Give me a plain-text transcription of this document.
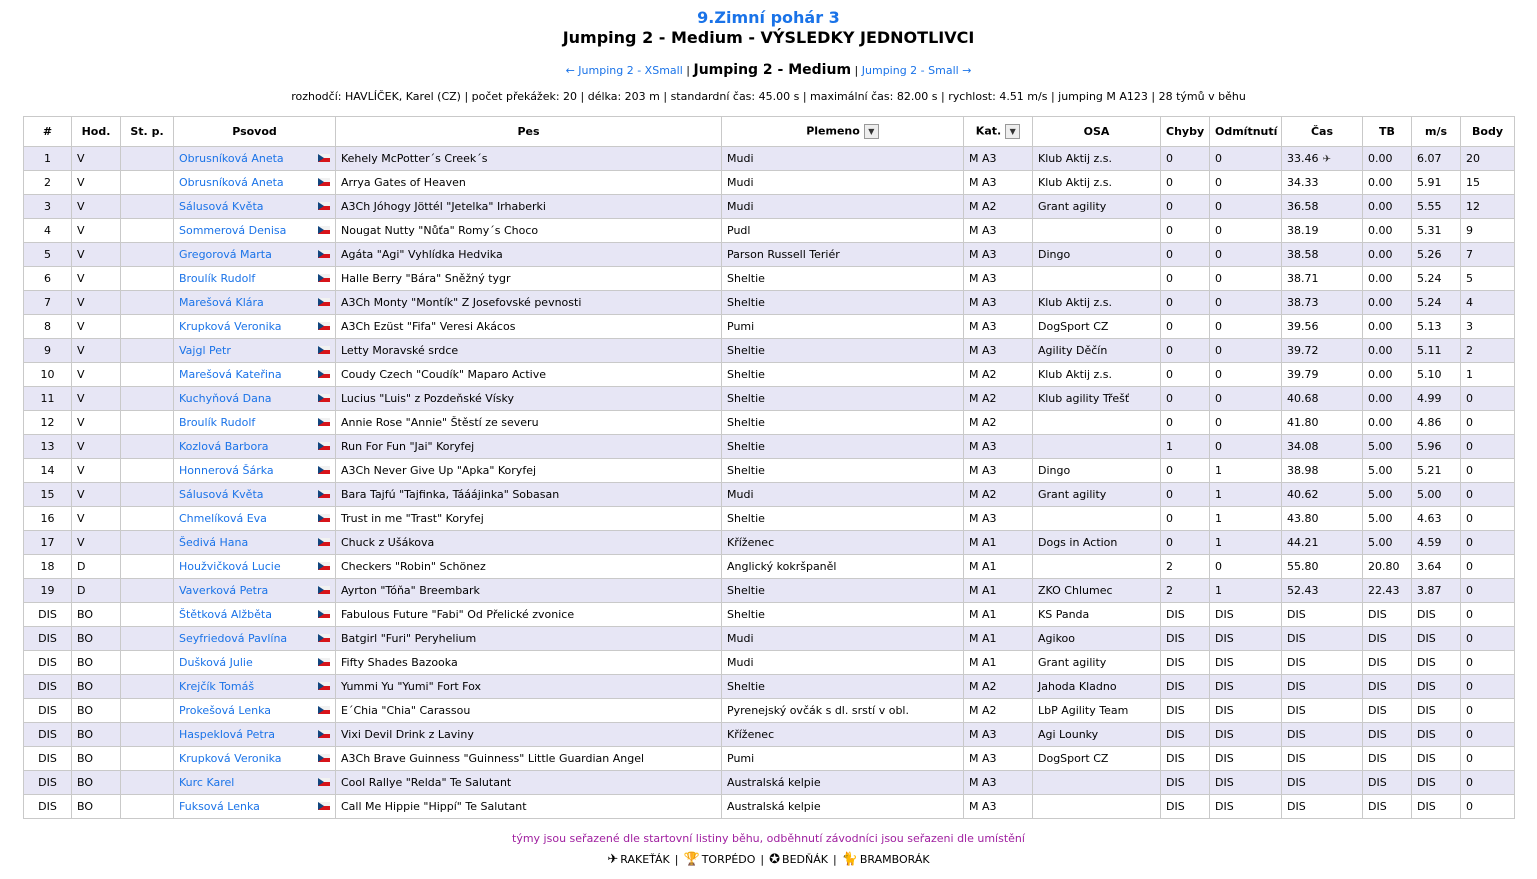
9.Zimní pohár 3
Jumping 2 - Medium - VÝSLEDKY JEDNOTLIVCI
← Jumping 2 - XSmall | Jumping 2 - Medium | Jumping 2 - Small →
rozhodčí: HAVLÍČEK, Karel (CZ) | počet překážek: 20 | délka: 203 m | standardní čas: 45.00 s | maximální čas: 82.00 s | rychlost: 4.51 m/s | jumping M A123 | 28 týmů v běhu
#	Hod.	St. p.	Psovod	Pes	Plemeno ▼	Kat. ▼	OSA	Chyby	Odmítnutí	Čas	TB	m/s	Body
1	V		Obrusníková Aneta	Kehely McPotter´s Creek´s	Mudi	M A3	Klub Aktij z.s.	0	0	33.46 ✈	0.00	6.07	20
2	V		Obrusníková Aneta	Arrya Gates of Heaven	Mudi	M A3	Klub Aktij z.s.	0	0	34.33	0.00	5.91	15
3	V		Sálusová Květa	A3Ch Jóhogy Jöttél "Jetelka" Irhaberki	Mudi	M A2	Grant agility	0	0	36.58	0.00	5.55	12
4	V		Sommerová Denisa	Nougat Nutty "Nůťa" Romy´s Choco	Pudl	M A3		0	0	38.19	0.00	5.31	9
5	V		Gregorová Marta	Agáta "Agi" Vyhlídka Hedvika	Parson Russell Teriér	M A3	Dingo	0	0	38.58	0.00	5.26	7
6	V		Broulík Rudolf	Halle Berry "Bára" Sněžný tygr	Sheltie	M A3		0	0	38.71	0.00	5.24	5
7	V		Marešová Klára	A3Ch Monty "Montík" Z Josefovské pevnosti	Sheltie	M A3	Klub Aktij z.s.	0	0	38.73	0.00	5.24	4
8	V		Krupková Veronika	A3Ch Ezüst "Fifa" Veresi Akácos	Pumi	M A3	DogSport CZ	0	0	39.56	0.00	5.13	3
9	V		Vajgl Petr	Letty Moravské srdce	Sheltie	M A3	Agility Děčín	0	0	39.72	0.00	5.11	2
10	V		Marešová Kateřina	Coudy Czech "Coudík" Maparo Active	Sheltie	M A2	Klub Aktij z.s.	0	0	39.79	0.00	5.10	1
11	V		Kuchyňová Dana	Lucius "Luis" z Pozdeňské Vísky	Sheltie	M A2	Klub agility Třešť	0	0	40.68	0.00	4.99	0
12	V		Broulík Rudolf	Annie Rose "Annie" Štěstí ze severu	Sheltie	M A2		0	0	41.80	0.00	4.86	0
13	V		Kozlová Barbora	Run For Fun "Jai" Koryfej	Sheltie	M A3		1	0	34.08	5.00	5.96	0
14	V		Honnerová Šárka	A3Ch Never Give Up "Apka" Koryfej	Sheltie	M A3	Dingo	0	1	38.98	5.00	5.21	0
15	V		Sálusová Květa	Bara Tajfú "Tajfinka, Tááájinka" Sobasan	Mudi	M A2	Grant agility	0	1	40.62	5.00	5.00	0
16	V		Chmelíková Eva	Trust in me "Trast" Koryfej	Sheltie	M A3		0	1	43.80	5.00	4.63	0
17	V		Šedivá Hana	Chuck z Ušákova	Kříženec	M A1	Dogs in Action	0	1	44.21	5.00	4.59	0
18	D		Houžvičková Lucie	Checkers "Robin" Schönez	Anglický kokršpaněl	M A1		2	0	55.80	20.80	3.64	0
19	D		Vaverková Petra	Ayrton "Tóňa" Breembark	Sheltie	M A1	ZKO Chlumec	2	1	52.43	22.43	3.87	0
DIS	BO		Štětková Alžběta	Fabulous Future "Fabi" Od Přelické zvonice	Sheltie	M A1	KS Panda	DIS	DIS	DIS	DIS	DIS	0
DIS	BO		Seyfriedová Pavlína	Batgirl "Furi" Peryhelium	Mudi	M A1	Agikoo	DIS	DIS	DIS	DIS	DIS	0
DIS	BO		Dušková Julie	Fifty Shades Bazooka	Mudi	M A1	Grant agility	DIS	DIS	DIS	DIS	DIS	0
DIS	BO		Krejčík Tomáš	Yummi Yu "Yumi" Fort Fox	Sheltie	M A2	Jahoda Kladno	DIS	DIS	DIS	DIS	DIS	0
DIS	BO		Prokešová Lenka	E´Chia "Chia" Carassou	Pyrenejský ovčák s dl. srstí v obl.	M A2	LbP Agility Team	DIS	DIS	DIS	DIS	DIS	0
DIS	BO		Haspeklová Petra	Vixi Devil Drink z Laviny	Kříženec	M A3	Agi Lounky	DIS	DIS	DIS	DIS	DIS	0
DIS	BO		Krupková Veronika	A3Ch Brave Guinness "Guinness" Little Guardian Angel	Pumi	M A3	DogSport CZ	DIS	DIS	DIS	DIS	DIS	0
DIS	BO		Kurc Karel	Cool Rallye "Relda" Te Salutant	Australská kelpie	M A3		DIS	DIS	DIS	DIS	DIS	0
DIS	BO		Fuksová Lenka	Call Me Hippie "Hippí" Te Salutant	Australská kelpie	M A3		DIS	DIS	DIS	DIS	DIS	0
týmy jsou seřazené dle startovní listiny běhu, odběhnutí závodníci jsou seřazeni dle umístění
✈ RAKEŤÁK | 🏆 TORPÉDO | ✪ BEDŇÁK | 🐈 BRAMBORÁK
